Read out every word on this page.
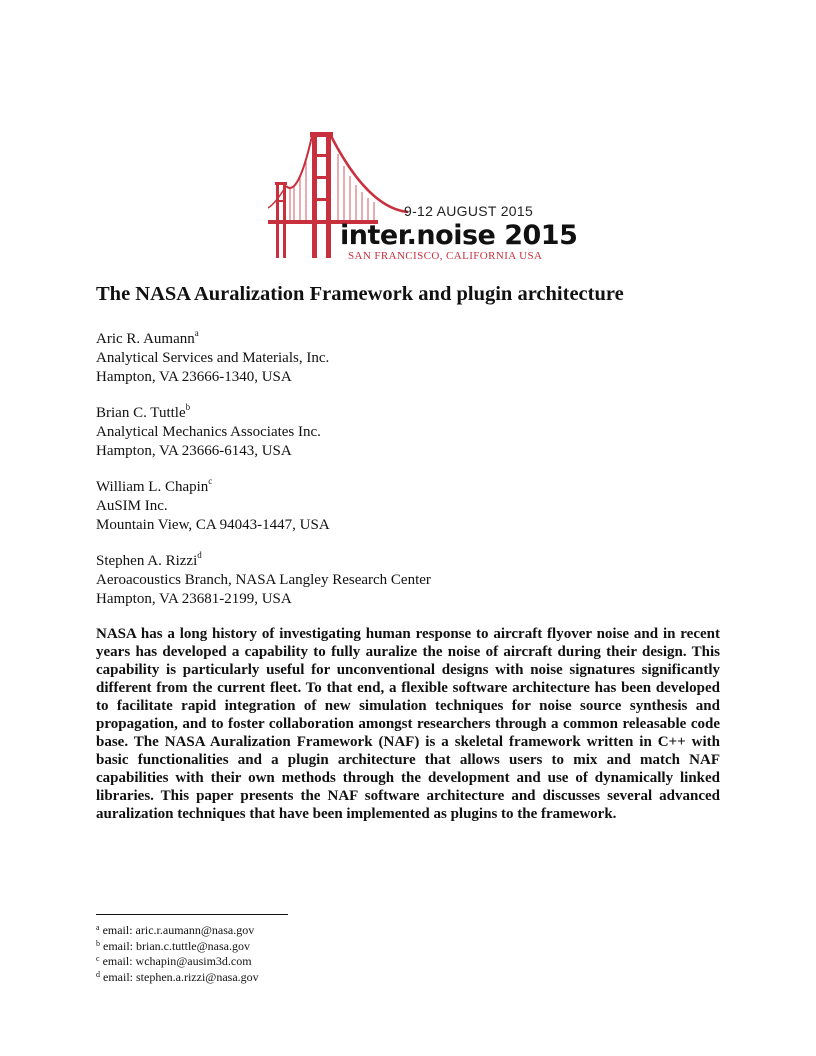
9-12 AUGUST 2015
inter.noise 2015
SAN FRANCISCO, CALIFORNIA USA
The NASA Auralization Framework and plugin architecture
Aric R. Aumann$^a$
Analytical Services and Materials, Inc.
Hampton, VA 23666-1340, USA
Brian C. Tuttle$^b$
Analytical Mechanics Associates Inc.
Hampton, VA 23666-6143, USA
William L. Chapin$^c$
AuSIM Inc.
Mountain View, CA 94043-1447, USA
Stephen A. Rizzi$^d$
Aeroacoustics Branch, NASA Langley Research Center
Hampton, VA 23681-2199, USA

NASA has a long history of investigating human response to aircraft flyover noise and in recent years has developed a capability to fully auralize the noise of aircraft during their design. This capability is particularly useful for unconventional designs with noise signatures significantly different from the current fleet. To that end, a flexible software architecture has been developed to facilitate rapid integration of new simulation techniques for noise source synthesis and propagation, and to foster collaboration amongst researchers through a common releasable code base. The NASA Auralization Framework (NAF) is a skeletal framework written in C++ with basic functionalities and a plugin architecture that allows users to mix and match NAF capabilities with their own methods through the development and use of dynamically linked libraries. This paper presents the NAF software architecture and discusses several advanced auralization techniques that have been implemented as plugins to the framework.

$^a$ email: aric.r.aumann@nasa.gov
$^b$ email: brian.c.tuttle@nasa.gov
$^c$ email: wchapin@ausim3d.com
$^d$ email: stephen.a.rizzi@nasa.gov
